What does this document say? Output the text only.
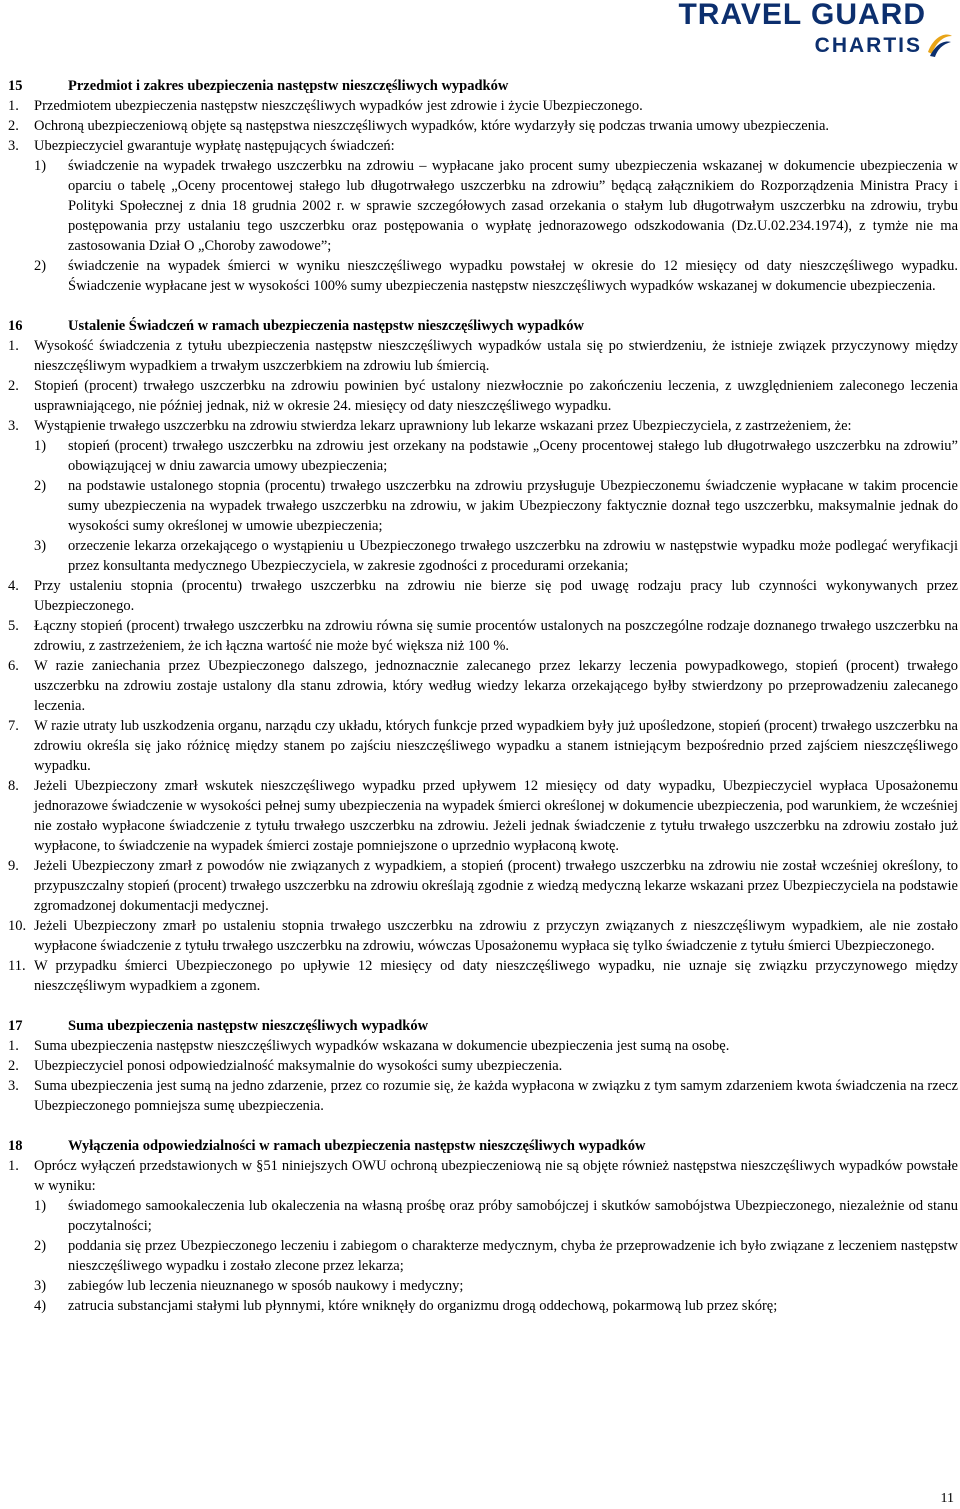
TRAVEL GUARD
CHARTIS
15	Przedmiot i zakres ubezpieczenia następstw nieszczęśliwych wypadków
1. Przedmiotem ubezpieczenia następstw nieszczęśliwych wypadków jest zdrowie i życie Ubezpieczonego.
2. Ochroną ubezpieczeniową objęte są następstwa nieszczęśliwych wypadków, które wydarzyły się podczas trwania umowy ubezpieczenia.
3. Ubezpieczyciel gwarantuje wypłatę następujących świadczeń:
1) świadczenie na wypadek trwałego uszczerbku na zdrowiu – wypłacane jako procent sumy ubezpieczenia wskazanej w dokumencie ubezpieczenia w oparciu o tabelę „Oceny procentowej stałego lub długotrwałego uszczerbku na zdrowiu” będącą załącznikiem do Rozporządzenia Ministra Pracy i Polityki Społecznej z dnia 18 grudnia 2002 r. w sprawie szczegółowych zasad orzekania o stałym lub długotrwałym uszczerbku na zdrowiu, trybu postępowania przy ustalaniu tego uszczerbku oraz postępowania o wypłatę jednorazowego odszkodowania (Dz.U.02.234.1974), z tymże nie ma zastosowania Dział O „Choroby zawodowe”;
2) świadczenie na wypadek śmierci w wyniku nieszczęśliwego wypadku powstałej w okresie do 12 miesięcy od daty nieszczęśliwego wypadku. Świadczenie wypłacane jest w wysokości 100% sumy ubezpieczenia następstw nieszczęśliwych wypadków wskazanej w dokumencie ubezpieczenia.
16	Ustalenie Świadczeń w ramach ubezpieczenia następstw nieszczęśliwych wypadków
1. Wysokość świadczenia z tytułu ubezpieczenia następstw nieszczęśliwych wypadków ustala się po stwierdzeniu, że istnieje związek przyczynowy między nieszczęśliwym wypadkiem a trwałym uszczerbkiem na zdrowiu lub śmiercią.
2. Stopień (procent) trwałego uszczerbku na zdrowiu powinien być ustalony niezwłocznie po zakończeniu leczenia, z uwzględnieniem zaleconego leczenia usprawniającego, nie później jednak, niż w okresie 24. miesięcy od daty nieszczęśliwego wypadku.
3. Wystąpienie trwałego uszczerbku na zdrowiu stwierdza lekarz uprawniony lub lekarze wskazani przez Ubezpieczyciela, z zastrzeżeniem, że:
1) stopień (procent) trwałego uszczerbku na zdrowiu jest orzekany na podstawie „Oceny procentowej stałego lub długotrwałego uszczerbku na zdrowiu” obowiązującej w dniu zawarcia umowy ubezpieczenia;
2) na podstawie ustalonego stopnia (procentu) trwałego uszczerbku na zdrowiu przysługuje Ubezpieczonemu świadczenie wypłacane w takim procencie sumy ubezpieczenia na wypadek trwałego uszczerbku na zdrowiu, w jakim Ubezpieczony faktycznie doznał tego uszczerbku, maksymalnie jednak do wysokości sumy określonej w umowie ubezpieczenia;
3) orzeczenie lekarza orzekającego o wystąpieniu u Ubezpieczonego trwałego uszczerbku na zdrowiu w następstwie wypadku może podlegać weryfikacji przez konsultanta medycznego Ubezpieczyciela, w zakresie zgodności z procedurami orzekania;
4. Przy ustaleniu stopnia (procentu) trwałego uszczerbku na zdrowiu nie bierze się pod uwagę rodzaju pracy lub czynności wykonywanych przez Ubezpieczonego.
5. Łączny stopień (procent) trwałego uszczerbku na zdrowiu równa się sumie procentów ustalonych na poszczególne rodzaje doznanego trwałego uszczerbku na zdrowiu, z zastrzeżeniem, że ich łączna wartość nie może być większa niż 100 %.
6. W razie zaniechania przez Ubezpieczonego dalszego, jednoznacznie zalecanego przez lekarzy leczenia powypadkowego, stopień (procent) trwałego uszczerbku na zdrowiu zostaje ustalony dla stanu zdrowia, który według wiedzy lekarza orzekającego byłby stwierdzony po przeprowadzeniu zalecanego leczenia.
7. W razie utraty lub uszkodzenia organu, narządu czy układu, których funkcje przed wypadkiem były już upośledzone, stopień (procent) trwałego uszczerbku na zdrowiu określa się jako różnicę między stanem po zajściu nieszczęśliwego wypadku a stanem istniejącym bezpośrednio przed zajściem nieszczęśliwego wypadku.
8. Jeżeli Ubezpieczony zmarł wskutek nieszczęśliwego wypadku przed upływem 12 miesięcy od daty wypadku, Ubezpieczyciel wypłaca Uposażonemu jednorazowe świadczenie w wysokości pełnej sumy ubezpieczenia na wypadek śmierci określonej w dokumencie ubezpieczenia, pod warunkiem, że wcześniej nie zostało wypłacone świadczenie z tytułu trwałego uszczerbku na zdrowiu. Jeżeli jednak świadczenie z tytułu trwałego uszczerbku na zdrowiu zostało już wypłacone, to świadczenie na wypadek śmierci zostaje pomniejszone o uprzednio wypłaconą kwotę.
9. Jeżeli Ubezpieczony zmarł z powodów nie związanych z wypadkiem, a stopień (procent) trwałego uszczerbku na zdrowiu nie został wcześniej określony, to przypuszczalny stopień (procent) trwałego uszczerbku na zdrowiu określają zgodnie z wiedzą medyczną lekarze wskazani przez Ubezpieczyciela na podstawie zgromadzonej dokumentacji medycznej.
10. Jeżeli Ubezpieczony zmarł po ustaleniu stopnia trwałego uszczerbku na zdrowiu z przyczyn związanych z nieszczęśliwym wypadkiem, ale nie zostało wypłacone świadczenie z tytułu trwałego uszczerbku na zdrowiu, wówczas Uposażonemu wypłaca się tylko świadczenie z tytułu śmierci Ubezpieczonego.
11. W przypadku śmierci Ubezpieczonego po upływie 12 miesięcy od daty nieszczęśliwego wypadku, nie uznaje się związku przyczynowego między nieszczęśliwym wypadkiem a zgonem.
17	Suma ubezpieczenia następstw nieszczęśliwych wypadków
1. Suma ubezpieczenia następstw nieszczęśliwych wypadków wskazana w dokumencie ubezpieczenia jest sumą na osobę.
2. Ubezpieczyciel ponosi odpowiedzialność maksymalnie do wysokości sumy ubezpieczenia.
3. Suma ubezpieczenia jest sumą na jedno zdarzenie, przez co rozumie się, że każda wypłacona w związku z tym samym zdarzeniem kwota świadczenia na rzecz Ubezpieczonego pomniejsza sumę ubezpieczenia.
18	Wyłączenia odpowiedzialności w ramach ubezpieczenia następstw nieszczęśliwych wypadków
1. Oprócz wyłączeń przedstawionych w §51 niniejszych OWU ochroną ubezpieczeniową nie są objęte również następstwa nieszczęśliwych wypadków powstałe w wyniku:
1) świadomego samookaleczenia lub okaleczenia na własną prośbę oraz próby samobójczej i skutków samobójstwa Ubezpieczonego, niezależnie od stanu poczytalności;
2) poddania się przez Ubezpieczonego leczeniu i zabiegom o charakterze medycznym, chyba że przeprowadzenie ich było związane z leczeniem następstw nieszczęśliwego wypadku i zostało zlecone przez lekarza;
3) zabiegów lub leczenia nieuznanego w sposób naukowy i medyczny;
4) zatrucia substancjami stałymi lub płynnymi, które wniknęły do organizmu drogą oddechową, pokarmową lub przez skórę;
11
